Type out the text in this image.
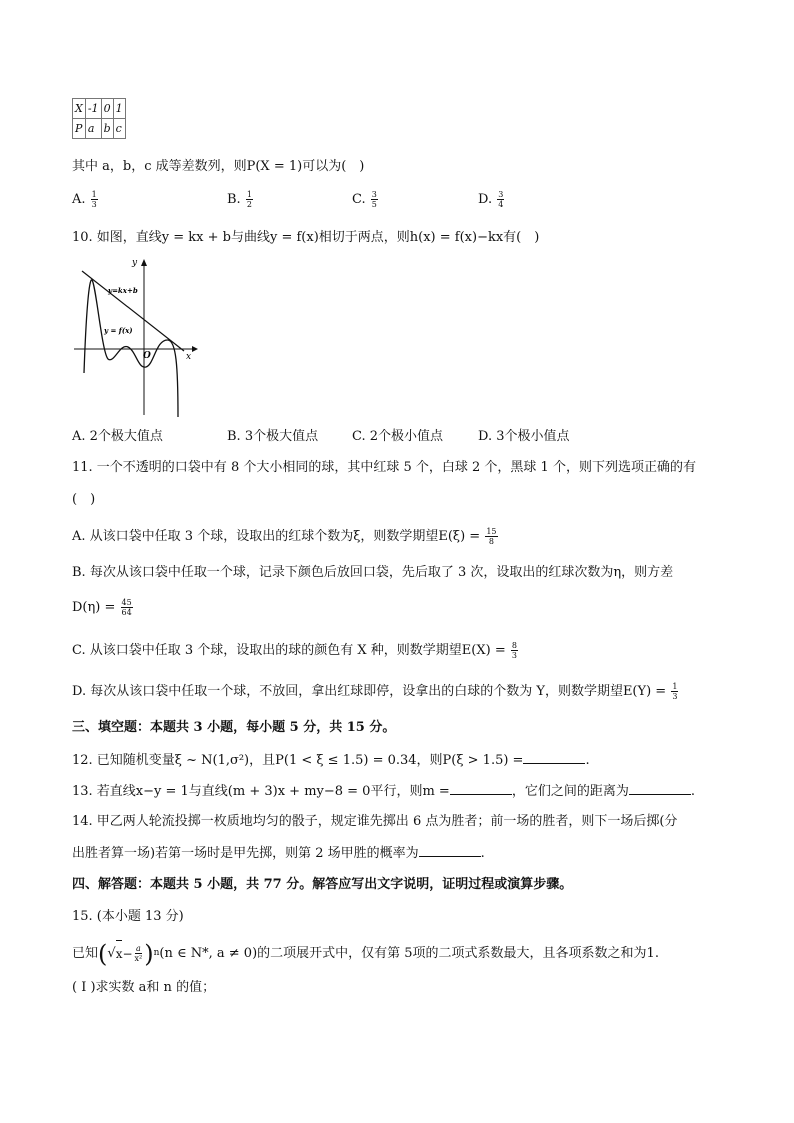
X	-1	0	1
P	a	b	c
其中 a，b，c 成等差数列，则P(X = 1)可以为(　)
A. $\frac{1}{3}$	B. $\frac{1}{2}$	C. $\frac{3}{5}$	D. $\frac{3}{4}$
10. 如图，直线y = kx + b与曲线y = f(x)相切于两点，则h(x) = f(x)−kx有(　)
y
x
O
y=kx+b
y = f(x)
A. 2个极大值点	B. 3个极大值点	C. 2个极小值点	D. 3个极小值点
11. 一个不透明的口袋中有 8 个大小相同的球，其中红球 5 个，白球 2 个，黑球 1 个，则下列选项正确的有
(　)
A. 从该口袋中任取 3 个球，设取出的红球个数为ξ，则数学期望$E(\xi) = \frac{15}{8}$
B. 每次从该口袋中任取一个球，记录下颜色后放回口袋，先后取了 3 次，设取出的红球次数为η，则方差
$D(\eta) = \frac{45}{64}$
C. 从该口袋中任取 3 个球，设取出的球的颜色有 X 种，则数学期望$E(X) = \frac{8}{3}$
D. 每次从该口袋中任取一个球，不放回，拿出红球即停，设拿出的白球的个数为 Y，则数学期望$E(Y) = \frac{1}{3}$
三、填空题：本题共 3 小题，每小题 5 分，共 15 分。
12. 已知随机变量ξ ~ N(1,σ²)，且P(1 < ξ ≤ 1.5) = 0.34，则P(ξ > 1.5) =	.
13. 若直线x−y = 1与直线(m + 3)x + my−8 = 0平行，则m =	，它们之间的距离为	.
14. 甲乙两人轮流投掷一枚质地均匀的骰子，规定谁先掷出 6 点为胜者；前一场的胜者，则下一场后掷(分
出胜者算一场)若第一场时是甲先掷，则第 2 场甲胜的概率为	.
四、解答题：本题共 5 小题，共 77 分。解答应写出文字说明，证明过程或演算步骤。
15. (本小题 13 分)
已知 ( √ $x - \frac{a}{\text{x²}}$ ) n (n ∈ N*, a ≠ 0)的二项展开式中，仅有第 5项的二项式系数最大，且各项系数之和为1.
( I )求实数 a和 n 的值；
